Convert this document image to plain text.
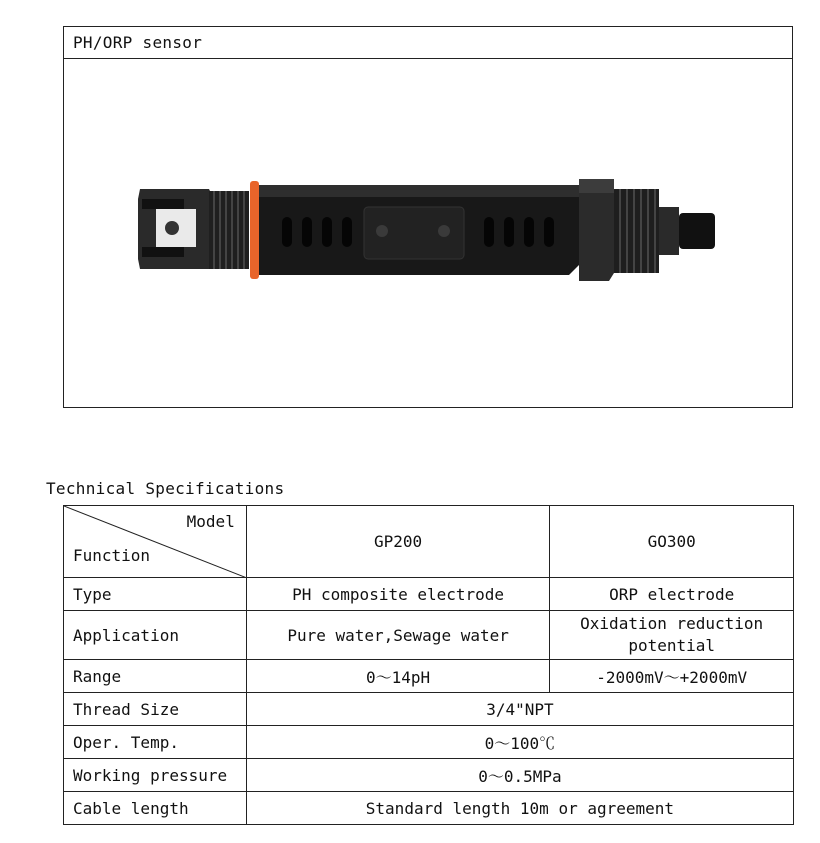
PH/ORP sensor
Technical Specifications
Model
Function	GP200	GO300
Type	PH composite electrode	ORP electrode
Application	Pure water,Sewage water	Oxidation reduction potential
Range	0～14pH	-2000mV～+2000mV
Thread Size	3/4"NPT	
Oper. Temp.	0～100℃	
Working pressure	0～0.5MPa	
Cable length	Standard length 10m or agreement	
